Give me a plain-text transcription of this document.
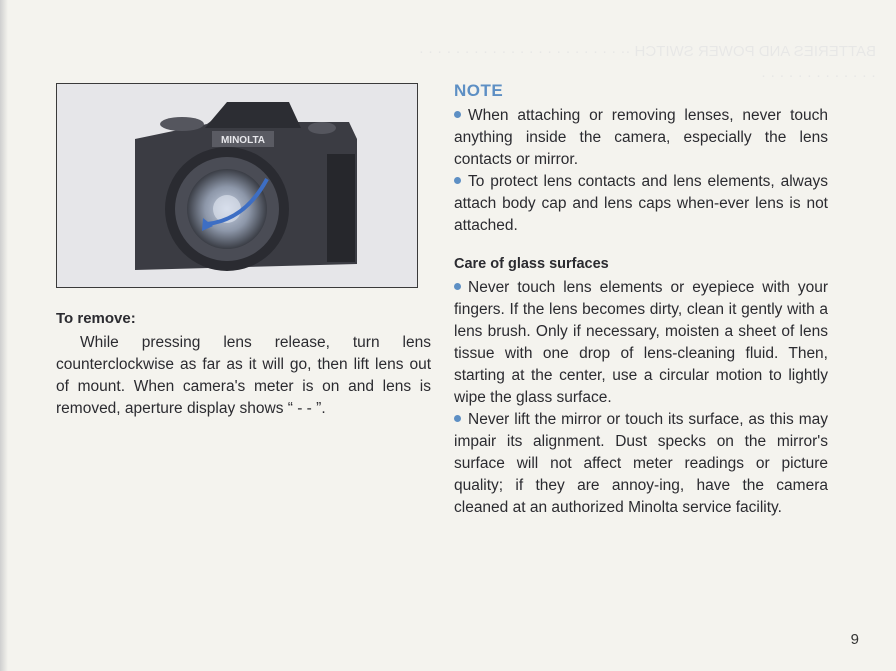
BATTERIES AND POWER SWITCH ·· · · · · · · · · · · · · · · · · · · · · · · · · · · · · · · · · · · ·
MINOLTA
To remove:

While pressing lens release, turn lens counterclockwise as far as it will go, then lift lens out of mount. When camera's meter is on and lens is removed, aperture display shows “ - - ”.

NOTE

When attaching or removing lenses, never touch anything inside the camera, especially the lens contacts or mirror.

To protect lens contacts and lens elements, always attach body cap and lens caps when-ever lens is not attached.

Care of glass surfaces

Never touch lens elements or eyepiece with your fingers. If the lens becomes dirty, clean it gently with a lens brush. Only if necessary, moisten a sheet of lens tissue with one drop of lens-cleaning fluid. Then, starting at the center, use a circular motion to lightly wipe the glass surface.

Never lift the mirror or touch its surface, as this may impair its alignment. Dust specks on the mirror's surface will not affect meter readings or picture quality; if they are annoy-ing, have the camera cleaned at an authorized Minolta service facility.

9
